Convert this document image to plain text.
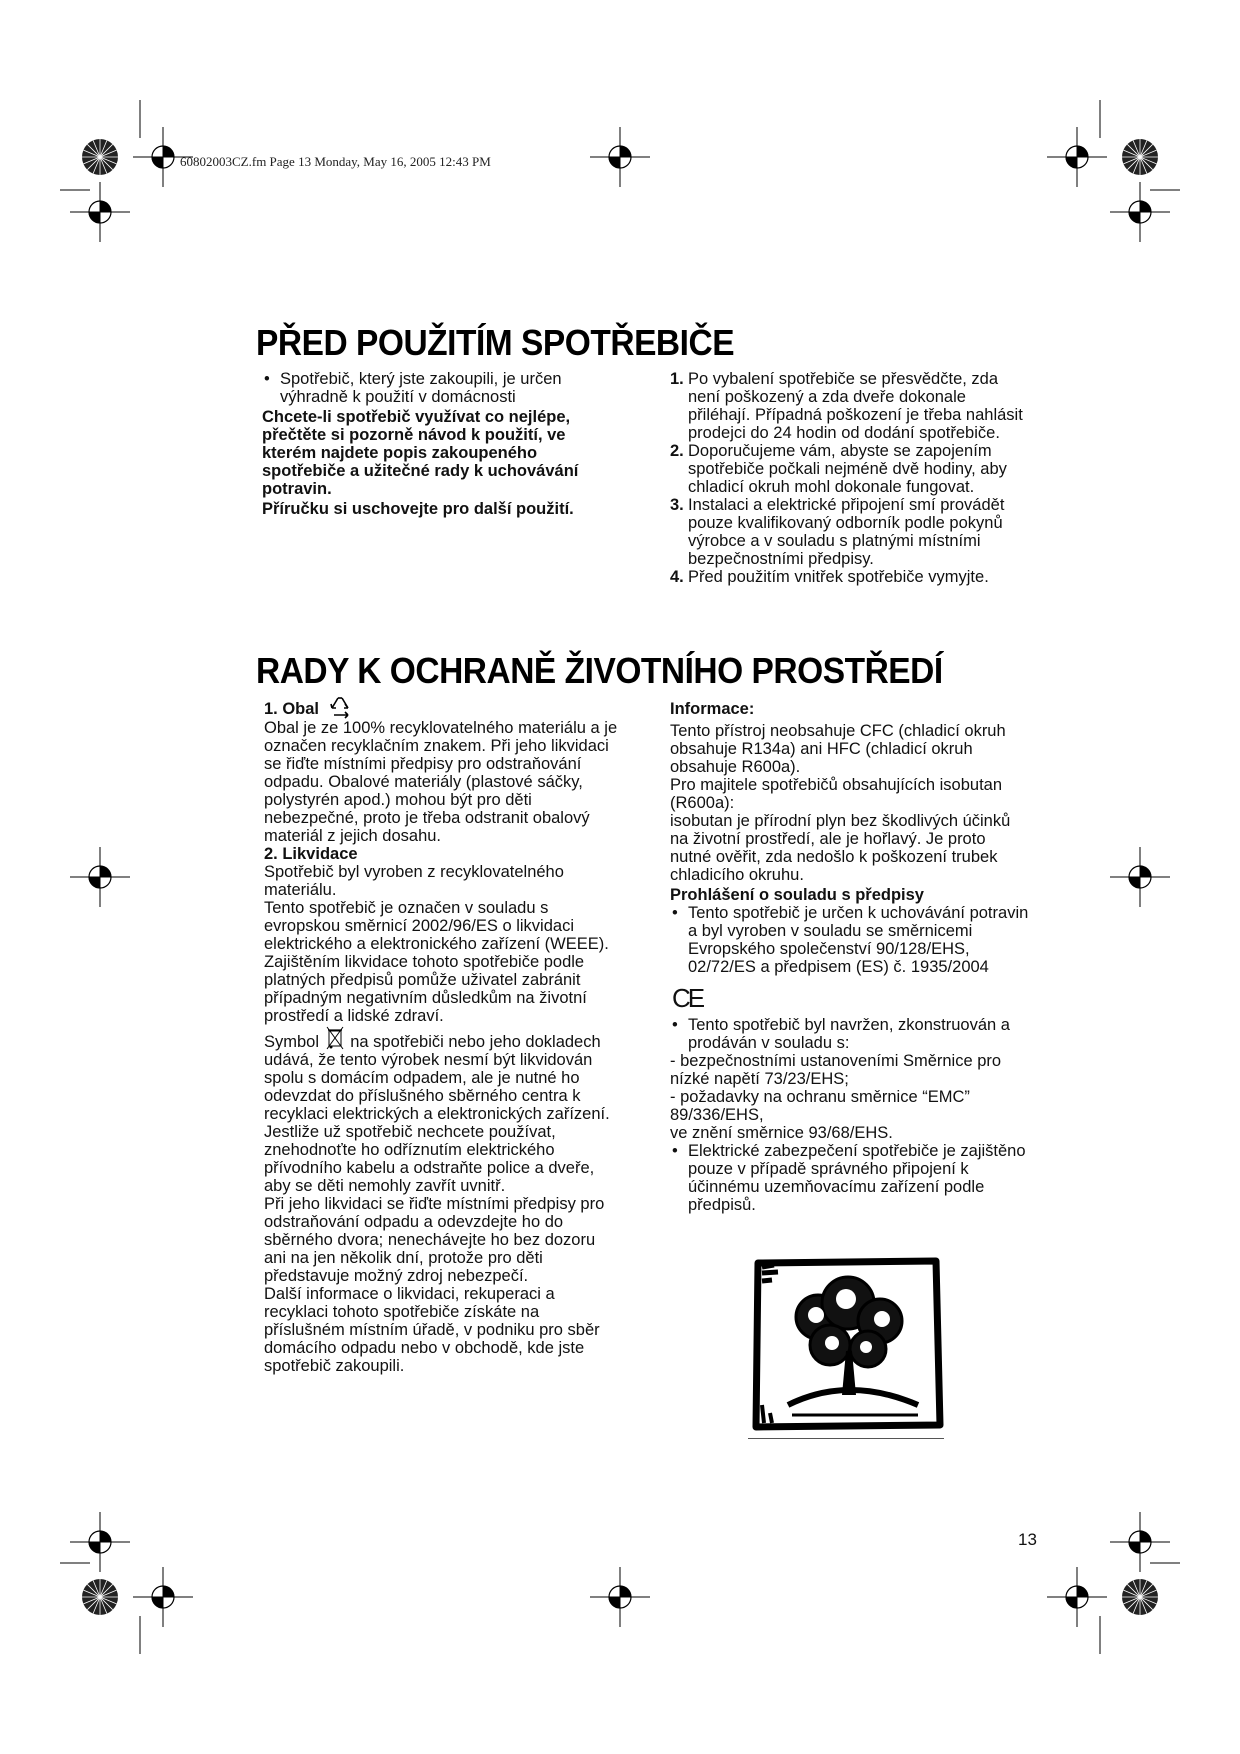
60802003CZ.fm Page 13 Monday, May 16, 2005 12:43 PM
PŘED POUŽITÍM SPOTŘEBIČE

• Spotřebič, který jste zakoupili, je určen výhradně k použití v domácnosti

Chcete-li spotřebič využívat co nejlépe, přečtěte si pozorně návod k použití, ve kterém najdete popis zakoupeného spotřebiče a užitečné rady k uchovávání potravin.

Příručku si uschovejte pro další použití.

1. Po vybalení spotřebiče se přesvědčte, zda není poškozený a zda dveře dokonale přiléhají. Případná poškození je třeba nahlásit prodejci do 24 hodin od dodání spotřebiče.

2. Doporučujeme vám, abyste se zapojením spotřebiče počkali nejméně dvě hodiny, aby chladicí okruh mohl dokonale fungovat.

3. Instalaci a elektrické připojení smí provádět pouze kvalifikovaný odborník podle pokynů výrobce a v souladu s platnými místními bezpečnostními předpisy.

4. Před použitím vnitřek spotřebiče vymyjte.

RADY K OCHRANĚ ŽIVOTNÍHO PROSTŘEDÍ

1. Obal

Obal je ze 100% recyklovatelného materiálu a je označen recyklačním znakem. Při jeho likvidaci se řiďte místními předpisy pro odstraňování odpadu. Obalové materiály (plastové sáčky, polystyrén apod.) mohou být pro děti nebezpečné, proto je třeba odstranit obalový materiál z jejich dosahu.

2. Likvidace

Spotřebič byl vyroben z recyklovatelného materiálu.

Tento spotřebič je označen v souladu s evropskou směrnicí 2002/96/ES o likvidaci elektrického a elektronického zařízení (WEEE).

Zajištěním likvidace tohoto spotřebiče podle platných předpisů pomůže uživatel zabránit případným negativním důsledkům na životní prostředí a lidské zdraví.

Symbol na spotřebiči nebo jeho dokladech udává, že tento výrobek nesmí být likvidován spolu s domácím odpadem, ale je nutné ho odevzdat do příslušného sběrného centra k recyklaci elektrických a elektronických zařízení.

Jestliže už spotřebič nechcete používat, znehodnoťte ho odříznutím elektrického přívodního kabelu a odstraňte police a dveře, aby se děti nemohly zavřít uvnitř.

Při jeho likvidaci se řiďte místními předpisy pro odstraňování odpadu a odevzdejte ho do sběrného dvora; nenechávejte ho bez dozoru ani na jen několik dní, protože pro děti představuje možný zdroj nebezpečí.

Další informace o likvidaci, rekuperaci a recyklaci tohoto spotřebiče získáte na příslušném místním úřadě, v podniku pro sběr domácího odpadu nebo v obchodě, kde jste spotřebič zakoupili.

Informace:

Tento přístroj neobsahuje CFC (chladicí okruh obsahuje R134a) ani HFC (chladicí okruh obsahuje R600a).

Pro majitele spotřebičů obsahujících isobutan (R600a):

isobutan je přírodní plyn bez škodlivých účinků na životní prostředí, ale je hořlavý. Je proto nutné ověřit, zda nedošlo k poškození trubek chladicího okruhu.

Prohlášení o souladu s předpisy

• Tento spotřebič je určen k uchovávání potravin a byl vyroben v souladu se směrnicemi Evropského společenství 90/128/EHS, 02/72/ES a předpisem (ES) č. 1935/2004

CE

• Tento spotřebič byl navržen, zkonstruován a prodáván v souladu s:

- bezpečnostními ustanoveními Směrnice pro nízké napětí 73/23/EHS;

- požadavky na ochranu směrnice “EMC” 89/336/EHS,

ve znění směrnice 93/68/EHS.

• Elektrické zabezpečení spotřebiče je zajištěno pouze v případě správného připojení k účinnému uzemňovacímu zařízení podle předpisů.

13
